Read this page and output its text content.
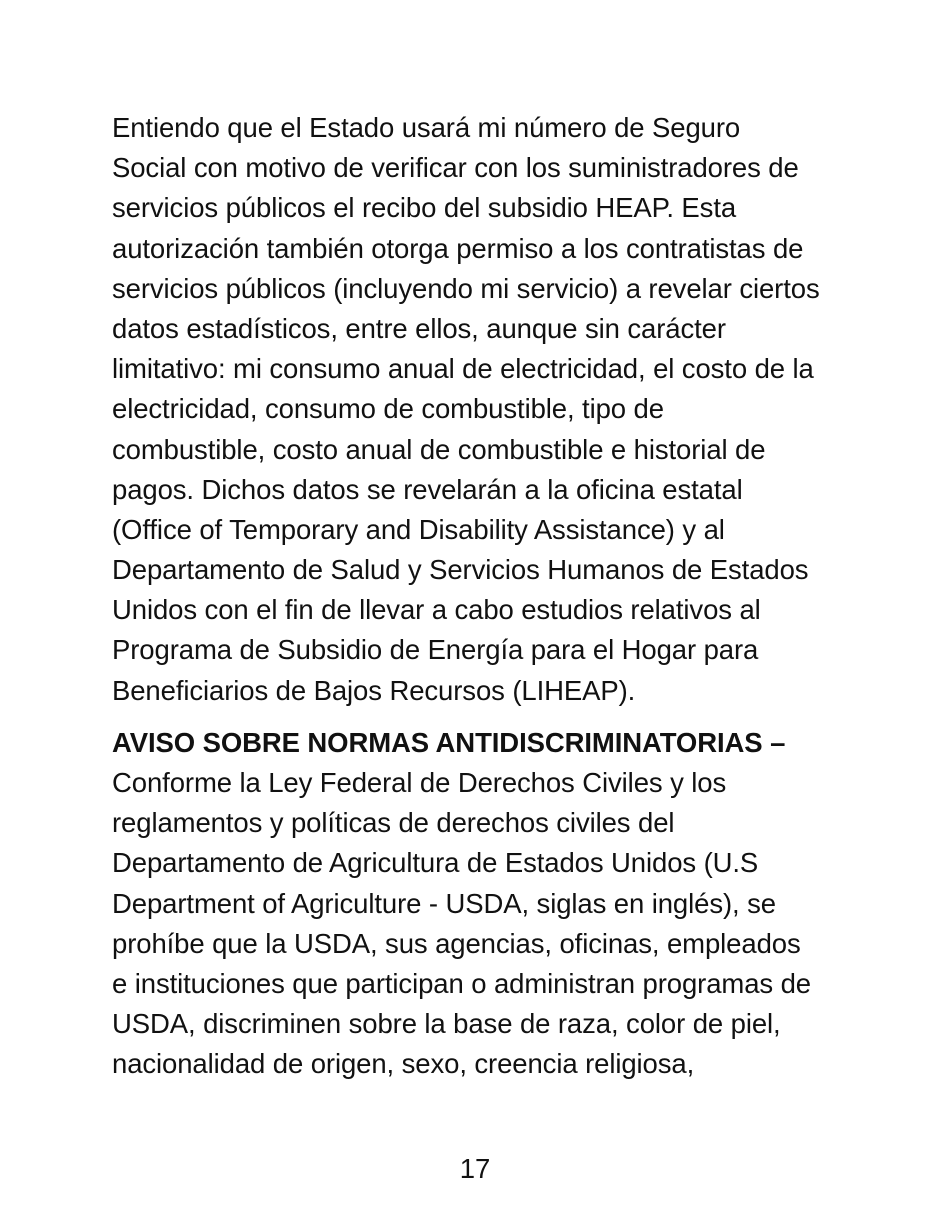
Entiendo que el Estado usará mi número de Seguro
Social con motivo de verificar con los suministradores de
servicios públicos el recibo del subsidio HEAP. Esta
autorización también otorga permiso a los contratistas de
servicios públicos (incluyendo mi servicio) a revelar ciertos
datos estadísticos, entre ellos, aunque sin carácter
limitativo: mi consumo anual de electricidad, el costo de la
electricidad, consumo de combustible, tipo de
combustible, costo anual de combustible e historial de
pagos. Dichos datos se revelarán a la oficina estatal
(Office of Temporary and Disability Assistance) y al
Departamento de Salud y Servicios Humanos de Estados
Unidos con el fin de llevar a cabo estudios relativos al
Programa de Subsidio de Energía para el Hogar para
Beneficiarios de Bajos Recursos (LIHEAP).
AVISO SOBRE NORMAS ANTIDISCRIMINATORIAS –
Conforme la Ley Federal de Derechos Civiles y los
reglamentos y políticas de derechos civiles del
Departamento de Agricultura de Estados Unidos (U.S
Department of Agriculture - USDA, siglas en inglés), se
prohíbe que la USDA, sus agencias, oficinas, empleados
e instituciones que participan o administran programas de
USDA, discriminen sobre la base de raza, color de piel,
nacionalidad de origen, sexo, creencia religiosa,
17
